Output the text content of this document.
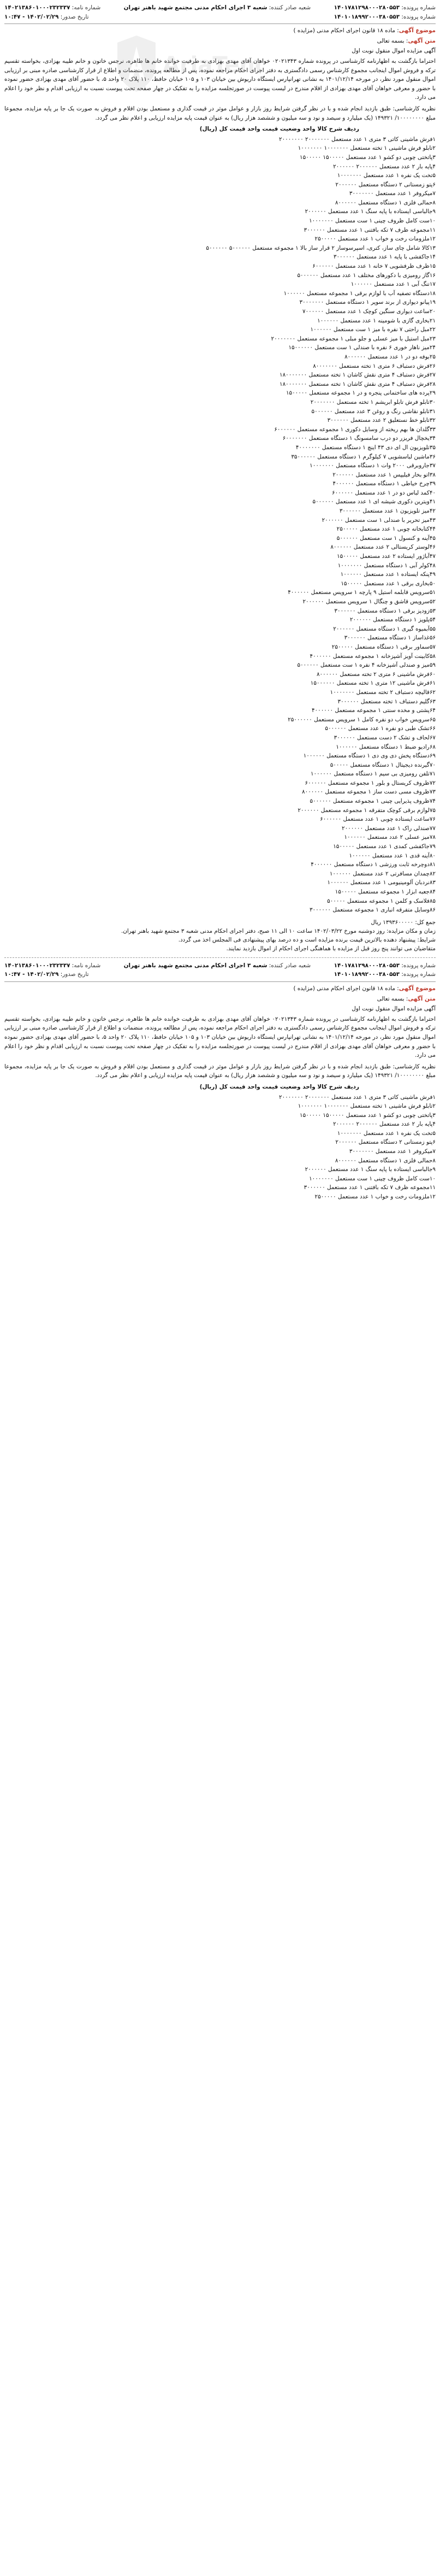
AriaTen
شماره پرونده: ۱۴۰۱۷۸۱۲۹۸۰۰۰۲۸۰۵۵۳
شماره پرونده: ۱۴۰۱۰۱۸۹۹۲۰۰۰۳۸۰۵۵۳
شعبه صادر کننده: شعبه ۳ اجرای احکام مدنی مجتمع شهید باهنر تهران
شماره نامه: ۱۴۰۲۱۳۸۶۰۱۰۰۰۲۳۲۳۳۷
تاریخ صدور: ۱۴۰۲/۰۲/۲۹ - ۱۰:۴۷
موضوع آگهی: ماده ۱۸ قانون اجرای احکام مدنی (مزایده )
متن آگهی: بسمه تعالی
آگهی مزایده اموال منقول نوبت اول

احتراما بازگشت به اظهارنامه کارشناسی در پرونده شماره ۰۲۰۲۱۳۴۳ خواهان آقای مهدی بهزادی به طرفیت خوانده خانم ها طاهره، نرجس خاتون و خانم طیبه بهزادی، بخواسته تقسیم ترکه و فروش اموال اینجانب مجموع کارشناس رسمی دادگستری به دفتر اجرای احکام مراجعه نموده، پس از مطالعه پرونده، منضمات و اطلاع از قرار کارشناسی صادره مبنی بر ارزیابی اموال منقول مورد نظر، در مورخه ۱۴۰۱/۱۲/۱۴ به نشانی تهرانپارس ایستگاه داریوش بین خیابان ۱۰۳ و ۱۰۵ خیابان حافظ، ۱۱۰ پلاک ۲۰ واحد ۵، با حضور آقای مهدی بهزادی حضور نموده با حضور و معرفی خواهان آقای مهدی بهزادی از اقلام مندرج در لیست پیوست در صورتجلسه مزایده را به تفکیک در چهار صفحه تحت پیوست نسبت به ارزیابی اقدام و نظر خود را اعلام می دارد.

نظریه کارشناسی: طبق بازدید انجام شده و با در نظر گرفتن شرایط روز بازار و عوامل موثر در قیمت گذاری و مستعمل بودن اقلام و فروش به صورت یک جا بر پایه مزایده، مجموعا مبلغ ۱۰۰۰۰۰۰۰۰/ ۱۴۹۳۲۱ (یک میلیارد و سیصد و نود و سه میلیون و ششصد هزار ریال) به عنوان قیمت پایه مزایده ارزیابی و اعلام نظر می گردد.

ردیف شرح کالا واحد وضعیت قیمت واحد قیمت کل (ریال)
۱فرش ماشینی کاتی ۳ متری ۱ عدد مستعمل ۲۰۰۰۰۰۰۰ ۲۰۰۰۰۰۰۰
۲تابلو فرش ماشینی ۱ تخته مستعمل ۱۰۰۰۰۰۰۰ ۱۰۰۰۰۰۰۰
۳پاتختی چوبی دو کشو ۱ عدد مستعمل ۱۵۰۰۰۰۰ ۱۵۰۰۰۰۰
۴پایه بار ۲ عدد مستعمل ۲۰۰۰۰۰۰ ۲۰۰۰۰۰۰
۵تخت یک نفره ۱ عدد مستعمل ۱۰۰۰۰۰۰۰
۶پتو زمستانی ۲ دستگاه مستعمل ۲۰۰۰۰۰۰
۷میکروفر ۱ عدد مستعمل ۳۰۰۰۰۰۰۰
۸حمالی فلزی ۱ دستگاه مستعمل ۸۰۰۰۰۰۰
۹جالباسی ایستاده با پایه سنگ ۱ عدد مستعمل ۲۰۰۰۰۰۰
۱۰ست کامل ظروف چینی ۱ ست مستعمل ۱۰۰۰۰۰۰۰
۱۱مجموعه ظرف ۷ تکه بافتنی ۱ عدد مستعمل ۳۰۰۰۰۰۰
۱۲ملزومات رخت و خواب ۱ عدد مستعمل ۲۵۰۰۰۰۰
۱۳کالا شامل چای ساز، کتری، اسپرسوساز ۲ قرار ساز بالا ۱ مجموعه مستعمل ۵۰۰۰۰۰۰ ۵۰۰۰۰۰۰
۱۴جاکفشی با پایه ۱ عدد مستعمل ۳۰۰۰۰۰۰
۱۵ظرف ظرفشویی ۷ خانه ۱ عدد مستعمل ۶۰۰۰۰۰۰
۱۶گاز رومیزی با دکورهای مختلف ۱ عدد مستعمل ۵۰۰۰۰۰۰
۱۷تنگ آبی ۱ عدد مستعمل ۱۰۰۰۰۰۰
۱۸دستگاه تصفیه آب با لوازم برقی ۱ مجموعه مستعمل ۱۰۰۰۰۰۰
۱۹پیانو دیواری از برند سوپر ۱ دستگاه مستعمل ۳۰۰۰۰۰۰۰
۲۰ساعت دیواری سنگین کوچک ۱ عدد مستعمل ۷۰۰۰۰۰۰
۲۱بخاری گازی با شومینه ۱ عدد مستعمل ۱۰۰۰۰۰۰
۲۲مبل راحتی ۷ نفره با میز ۱ ست مستعمل ۱۰۰۰۰۰۰
۲۳مبل استیل با میز عسلی و جلو مبلی ۱ مجموعه مستعمل ۲۰۰۰۰۰۰۰
۲۴میز ناهار خوری ۶ نفره با صندلی ۱ ست مستعمل ۱۵۰۰۰۰۰۰
۲۵بوفه دو در ۱ عدد مستعمل ۸۰۰۰۰۰۰
۲۶فرش دستباف ۶ متری ۱ تخته مستعمل ۸۰۰۰۰۰۰۰
۲۷فرش دستباف ۴ متری نقش کاشان ۱ تخته مستعمل ۱۸۰۰۰۰۰۰۰
۲۸فرش دستباف ۴ متری نقش کاشان ۱ تخته مستعمل ۱۸۰۰۰۰۰۰۰
۲۹پرده های ساختمانی پنجره و در ۱ مجموعه مستعمل ۱۵۰۰۰۰۰
۳۰تابلو فرش تابلو ابریشم ۱ تخته مستعمل ۲۰۰۰۰۰۰۰
۳۱تابلو نقاشی رنگ و روغن ۳ عدد مستعمل ۵۰۰۰۰۰۰
۳۲تابلو خط نستعلیق ۲ عدد مستعمل ۳۰۰۰۰۰۰
۳۳گلدان ها بهم ریخته از وسایل دکوری ۱ مجموعه مستعمل ۶۰۰۰۰۰۰
۳۴یخچال فریزر دو درب سامسونگ ۱ دستگاه مستعمل ۶۰۰۰۰۰۰۰
۳۵تلویزیون ال ای دی ۴۳ اینچ ۱ دستگاه مستعمل ۴۰۰۰۰۰۰۰
۳۶ماشین لباسشویی ۷ کیلوگرم ۱ دستگاه مستعمل ۳۵۰۰۰۰۰۰
۳۷جاروبرقی ۲۰۰۰ وات ۱ دستگاه مستعمل ۱۰۰۰۰۰۰۰
۳۸اتو بخار فیلیپس ۱ عدد مستعمل ۲۰۰۰۰۰۰
۳۹چرخ خیاطی ۱ دستگاه مستعمل ۴۰۰۰۰۰۰
۴۰کمد لباس دو در ۱ عدد مستعمل ۶۰۰۰۰۰۰
۴۱ویترین دکوری شیشه ای ۱ عدد مستعمل ۵۰۰۰۰۰۰
۴۲میز تلویزیون ۱ عدد مستعمل ۳۰۰۰۰۰۰
۴۳میز تحریر با صندلی ۱ ست مستعمل ۲۰۰۰۰۰۰
۴۴کتابخانه چوبی ۱ عدد مستعمل ۲۵۰۰۰۰۰
۴۵آینه و کنسول ۱ ست مستعمل ۵۰۰۰۰۰۰
۴۶لوستر کریستالی ۲ عدد مستعمل ۸۰۰۰۰۰۰
۴۷آباژور ایستاده ۲ عدد مستعمل ۱۵۰۰۰۰۰
۴۸کولر آبی ۱ دستگاه مستعمل ۱۰۰۰۰۰۰۰
۴۹پنکه ایستاده ۱ عدد مستعمل ۱۰۰۰۰۰۰
۵۰بخاری برقی ۱ عدد مستعمل ۱۵۰۰۰۰۰
۵۱سرویس قابلمه استیل ۹ پارچه ۱ سرویس مستعمل ۴۰۰۰۰۰۰
۵۲سرویس قاشق و چنگال ۱ سرویس مستعمل ۲۰۰۰۰۰۰
۵۳زودپز برقی ۱ دستگاه مستعمل ۳۰۰۰۰۰۰
۵۴پلوپز ۱ دستگاه مستعمل ۲۰۰۰۰۰۰
۵۵آبمیوه گیری ۱ دستگاه مستعمل ۲۰۰۰۰۰۰
۵۶غذاساز ۱ دستگاه مستعمل ۳۰۰۰۰۰۰
۵۷سماور برقی ۱ دستگاه مستعمل ۲۵۰۰۰۰۰
۵۸کابینت آویز آشپزخانه ۱ مجموعه مستعمل ۴۰۰۰۰۰۰
۵۹میز و صندلی آشپزخانه ۴ نفره ۱ ست مستعمل ۵۰۰۰۰۰۰
۶۰فرش ماشینی ۶ متری ۲ تخته مستعمل ۸۰۰۰۰۰۰
۶۱فرش ماشینی ۱۲ متری ۱ تخته مستعمل ۱۵۰۰۰۰۰۰
۶۲قالیچه دستباف ۲ تخته مستعمل ۱۰۰۰۰۰۰۰
۶۳گلیم دستباف ۱ تخته مستعمل ۳۰۰۰۰۰۰
۶۴پشتی و مخده سنتی ۱ مجموعه مستعمل ۴۰۰۰۰۰۰
۶۵سرویس خواب دو نفره کامل ۱ سرویس مستعمل ۲۵۰۰۰۰۰۰
۶۶تشک طبی دو نفره ۱ عدد مستعمل ۵۰۰۰۰۰۰
۶۷لحاف و تشک ۲ دست مستعمل ۳۰۰۰۰۰۰
۶۸رادیو ضبط ۱ دستگاه مستعمل ۱۰۰۰۰۰۰
۶۹دستگاه پخش دی وی دی ۱ دستگاه مستعمل ۱۰۰۰۰۰۰
۷۰گیرنده دیجیتال ۱ دستگاه مستعمل ۵۰۰۰۰۰
۷۱تلفن رومیزی بی سیم ۱ دستگاه مستعمل ۱۰۰۰۰۰۰
۷۲ظروف کریستال و بلور ۱ مجموعه مستعمل ۶۰۰۰۰۰۰
۷۳ظروف مسی دست ساز ۱ مجموعه مستعمل ۸۰۰۰۰۰۰
۷۴ظروف پذیرایی چینی ۱ مجموعه مستعمل ۵۰۰۰۰۰۰
۷۵لوازم برقی کوچک متفرقه ۱ مجموعه مستعمل ۲۰۰۰۰۰۰
۷۶ساعت ایستاده چوبی ۱ عدد مستعمل ۶۰۰۰۰۰۰
۷۷صندلی راک ۱ عدد مستعمل ۲۰۰۰۰۰۰
۷۸میز عسلی ۲ عدد مستعمل ۱۰۰۰۰۰۰
۷۹جاکفشی کمدی ۱ عدد مستعمل ۱۵۰۰۰۰۰
۸۰آینه قدی ۱ عدد مستعمل ۱۰۰۰۰۰۰
۸۱دوچرخه ثابت ورزشی ۱ دستگاه مستعمل ۴۰۰۰۰۰۰
۸۲چمدان مسافرتی ۲ عدد مستعمل ۱۰۰۰۰۰۰
۸۳نردبان آلومینیومی ۱ عدد مستعمل ۱۰۰۰۰۰۰
۸۴جعبه ابزار ۱ مجموعه مستعمل ۱۵۰۰۰۰۰
۸۵فلاسک و کلمن ۱ مجموعه مستعمل ۵۰۰۰۰۰
۸۶وسایل متفرقه انباری ۱ مجموعه مستعمل ۳۰۰۰۰۰۰
جمع کل: ۱۳۹۳۶۰۰۰۰۰ ریال
زمان و مکان مزایده: روز دوشنبه مورخ ۱۴۰۲/۰۳/۲۲ ساعت ۱۰ الی ۱۱ صبح، دفتر اجرای احکام مدنی شعبه ۳ مجتمع شهید باهنر تهران.
شرایط: پیشنهاد دهنده بالاترین قیمت برنده مزایده است و ده درصد بهای پیشنهادی فی المجلس اخذ می گردد.
متقاضیان می توانند پنج روز قبل از مزایده با هماهنگی اجرای احکام از اموال بازدید نمایند.
شماره پرونده: ۱۴۰۱۷۸۱۲۹۸۰۰۰۲۸۰۵۵۳
شماره پرونده: ۱۴۰۱۰۱۸۹۹۲۰۰۰۳۸۰۵۵۳
شعبه صادر کننده: شعبه ۳ اجرای احکام مدنی مجتمع شهید باهنر تهران
شماره نامه: ۱۴۰۲۱۳۸۶۰۱۰۰۰۲۳۲۳۳۷
تاریخ صدور: ۱۴۰۲/۰۲/۲۹ - ۱۰:۴۷
موضوع آگهی: ماده ۱۸ قانون اجرای احکام مدنی (مزایده )
متن آگهی: بسمه تعالی
آگهی مزایده اموال منقول نوبت اول

احتراما بازگشت به اظهارنامه کارشناسی در پرونده شماره ۰۲۰۲۱۳۴۳ خواهان آقای مهدی بهزادی به طرفیت خوانده خانم ها طاهره، نرجس خاتون و خانم طیبه بهزادی، بخواسته تقسیم ترکه و فروش اموال اینجانب مجموع کارشناس رسمی دادگستری به دفتر اجرای احکام مراجعه نموده، پس از مطالعه پرونده، منضمات و اطلاع از قرار کارشناسی صادره مبنی بر ارزیابی اموال منقول مورد نظر، در مورخه ۱۴۰۱/۱۲/۱۴ به نشانی تهرانپارس ایستگاه داریوش بین خیابان ۱۰۳ و ۱۰۵ خیابان حافظ، ۱۱۰ پلاک ۲۰ واحد ۵، با حضور آقای مهدی بهزادی حضور نموده با حضور و معرفی خواهان آقای مهدی بهزادی از اقلام مندرج در لیست پیوست در صورتجلسه مزایده را به تفکیک در چهار صفحه تحت پیوست نسبت به ارزیابی اقدام و نظر خود را اعلام می دارد.

نظریه کارشناسی: طبق بازدید انجام شده و با در نظر گرفتن شرایط روز بازار و عوامل موثر در قیمت گذاری و مستعمل بودن اقلام و فروش به صورت یک جا بر پایه مزایده، مجموعا مبلغ ۱۰۰۰۰۰۰۰۰/ ۱۴۹۳۲۱ (یک میلیارد و سیصد و نود و سه میلیون و ششصد هزار ریال) به عنوان قیمت پایه مزایده ارزیابی و اعلام نظر می گردد.

ردیف شرح کالا واحد وضعیت قیمت واحد قیمت کل (ریال)
۱فرش ماشینی کاتی ۳ متری ۱ عدد مستعمل ۲۰۰۰۰۰۰۰ ۲۰۰۰۰۰۰۰
۲تابلو فرش ماشینی ۱ تخته مستعمل ۱۰۰۰۰۰۰۰ ۱۰۰۰۰۰۰۰
۳پاتختی چوبی دو کشو ۱ عدد مستعمل ۱۵۰۰۰۰۰ ۱۵۰۰۰۰۰
۴پایه بار ۲ عدد مستعمل ۲۰۰۰۰۰۰ ۲۰۰۰۰۰۰
۵تخت یک نفره ۱ عدد مستعمل ۱۰۰۰۰۰۰۰
۶پتو زمستانی ۲ دستگاه مستعمل ۲۰۰۰۰۰۰
۷میکروفر ۱ عدد مستعمل ۳۰۰۰۰۰۰۰
۸حمالی فلزی ۱ دستگاه مستعمل ۸۰۰۰۰۰۰
۹جالباسی ایستاده با پایه سنگ ۱ عدد مستعمل ۲۰۰۰۰۰۰
۱۰ست کامل ظروف چینی ۱ ست مستعمل ۱۰۰۰۰۰۰۰
۱۱مجموعه ظرف ۷ تکه بافتنی ۱ عدد مستعمل ۳۰۰۰۰۰۰
۱۲ملزومات رخت و خواب ۱ عدد مستعمل ۲۵۰۰۰۰۰
